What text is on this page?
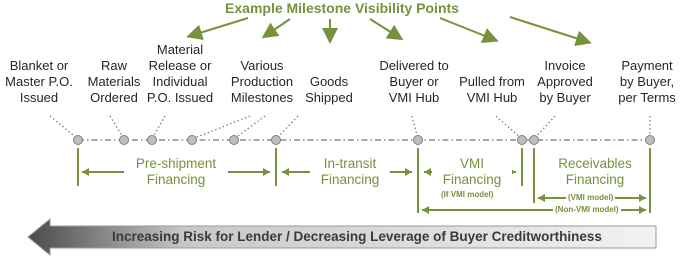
Example Milestone Visibility Points
Blanket or
Master P.O.
Issued
Raw
Materials
Ordered
Material
Release or
Individual
P.O. Issued
Various
Production
Milestones
Goods
Shipped
Delivered to
Buyer or
VMI Hub
Pulled from
VMI Hub
Invoice
Approved
by Buyer
Payment
by Buyer,
per Terms
Pre-shipment
Financing
In-transit
Financing
VMI
Financing
(If VMI model)
Receivables
Financing
(VMI model)
(Non-VMI model)
Increasing Risk for Lender / Decreasing Leverage of Buyer Creditworthiness
